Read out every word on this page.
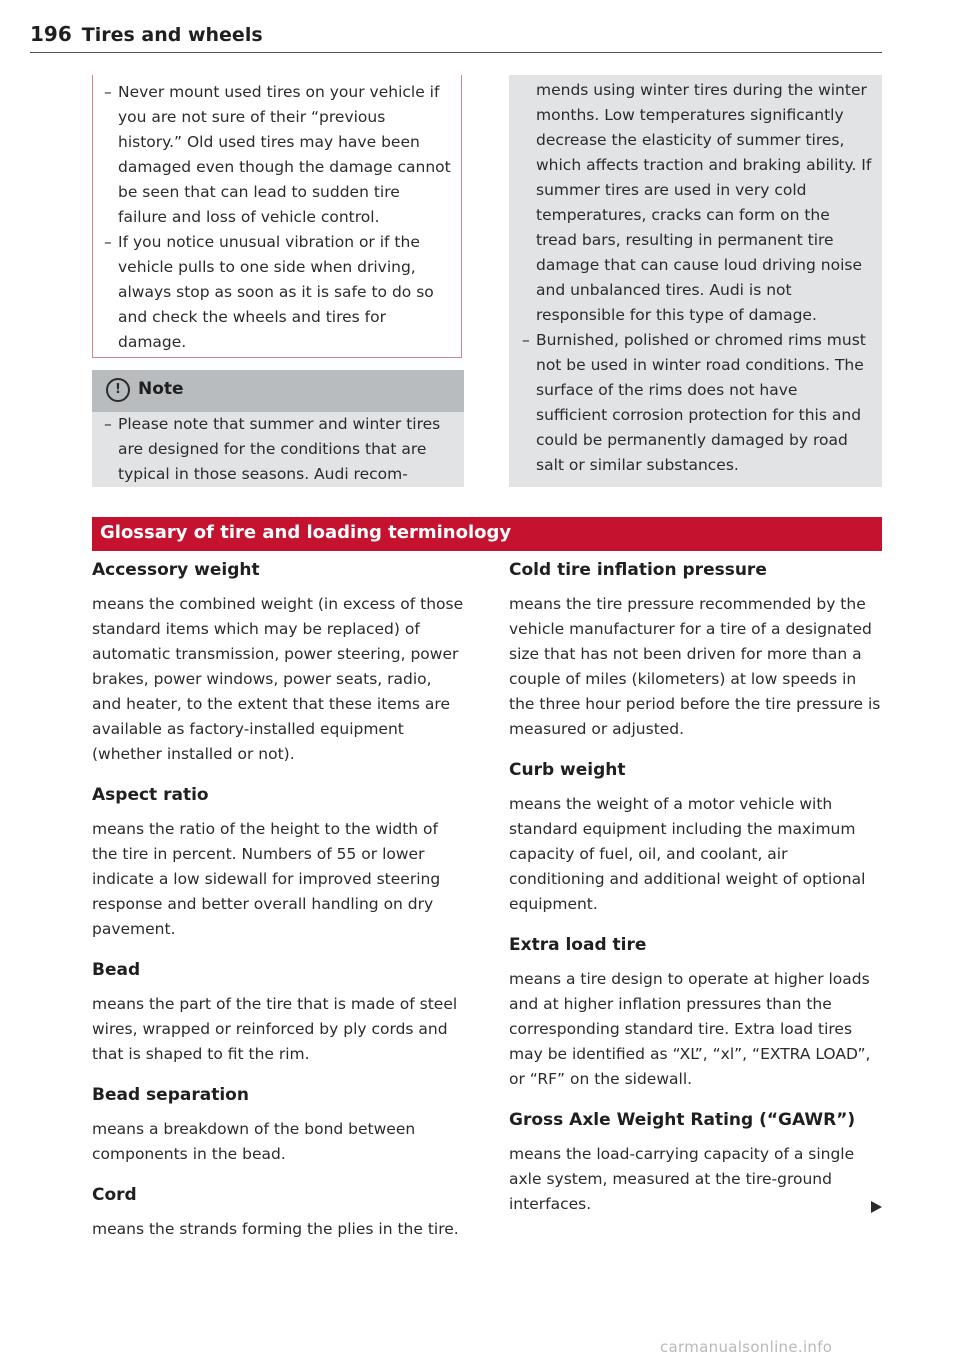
196 Tires and wheels
– Never mount used tires on your vehicle if you are not sure of their “previous history.” Old used tires may have been damaged even though the damage cannot be seen that can lead to sudden tire failure and loss of vehicle control.
– If you notice unusual vibration or if the vehicle pulls to one side when driving, always stop as soon as it is safe to do so and check the wheels and tires for damage.
!	Note
– Please note that summer and winter tires are designed for the conditions that are typical in those seasons. Audi recom-
mends using winter tires during the winter months. Low temperatures significantly decrease the elasticity of summer tires, which affects traction and braking ability. If summer tires are used in very cold temperatures, cracks can form on the tread bars, resulting in permanent tire damage that can cause loud driving noise and unbalanced tires. Audi is not responsible for this type of damage.
– Burnished, polished or chromed rims must not be used in winter road conditions. The surface of the rims does not have sufficient corrosion protection for this and could be permanently damaged by road salt or similar substances.
Glossary of tire and loading terminology
Accessory weight
means the combined weight (in excess of those standard items which may be replaced) of automatic transmission, power steering, power brakes, power windows, power seats, radio, and heater, to the extent that these items are available as factory-installed equipment (whether installed or not).
Aspect ratio
means the ratio of the height to the width of the tire in percent. Numbers of 55 or lower indicate a low sidewall for improved steering response and better overall handling on dry pavement.
Bead
means the part of the tire that is made of steel wires, wrapped or reinforced by ply cords and that is shaped to fit the rim.
Bead separation
means a breakdown of the bond between components in the bead.
Cord
means the strands forming the plies in the tire.
Cold tire inflation pressure
means the tire pressure recommended by the vehicle manufacturer for a tire of a designated size that has not been driven for more than a couple of miles (kilometers) at low speeds in the three hour period before the tire pressure is measured or adjusted.
Curb weight
means the weight of a motor vehicle with standard equipment including the maximum capacity of fuel, oil, and coolant, air conditioning and additional weight of optional equipment.
Extra load tire
means a tire design to operate at higher loads and at higher inflation pressures than the corresponding standard tire. Extra load tires may be identified as “XL”, “xl”, “EXTRA LOAD”, or “RF” on the sidewall.
Gross Axle Weight Rating (“GAWR”)
means the load-carrying capacity of a single axle system, measured at the tire-ground interfaces.
carmanualsonline.info
